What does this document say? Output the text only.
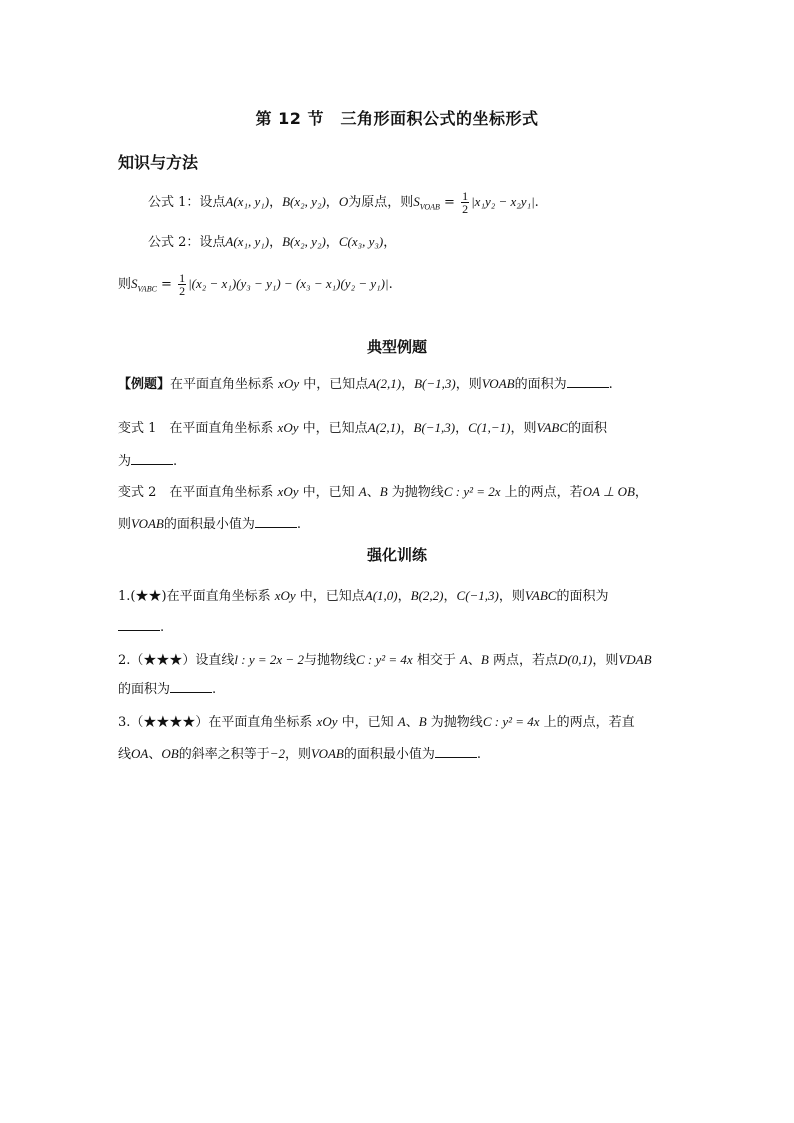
第 12 节　三角形面积公式的坐标形式
知识与方法
公式 1：设点A(x₁, y₁)，B(x₂, y₂)，O为原点，则$S_{VOAB} = \frac{1}{2} |x_1y_2 - x_2y_1|$.
公式 2：设点A(x₁, y₁)，B(x₂, y₂)，C(x₃, y₃)，
则$S_{VABC} = \frac{1}{2} |(x_2 - x_1)(y_3 - y_1) - (x_3 - x_1)(y_2 - y_1)|$.
典型例题
【例题】在平面直角坐标系 xOy 中，已知点A(2,1)，B(−1,3)，则VOAB的面积为	.
变式 1　在平面直角坐标系 xOy 中，已知点A(2,1)，B(−1,3)，C(1,−1)，则VABC的面积
为	.
变式 2　在平面直角坐标系 xOy 中，已知 A、B 为抛物线C : y² = 2x 上的两点，若OA ⊥ OB，
则VOAB的面积最小值为	.
强化训练
1.(★★)在平面直角坐标系 xOy 中，已知点A(1,0)，B(2,2)，C(−1,3)，则VABC的面积为
.
2.（★★★）设直线l : y = 2x − 2与抛物线C : y² = 4x 相交于 A、B 两点，若点D(0,1)，则VDAB
的面积为	.
3.（★★★★）在平面直角坐标系 xOy 中，已知 A、B 为抛物线C : y² = 4x 上的两点，若直
线OA、OB的斜率之积等于−2，则VOAB的面积最小值为	.
